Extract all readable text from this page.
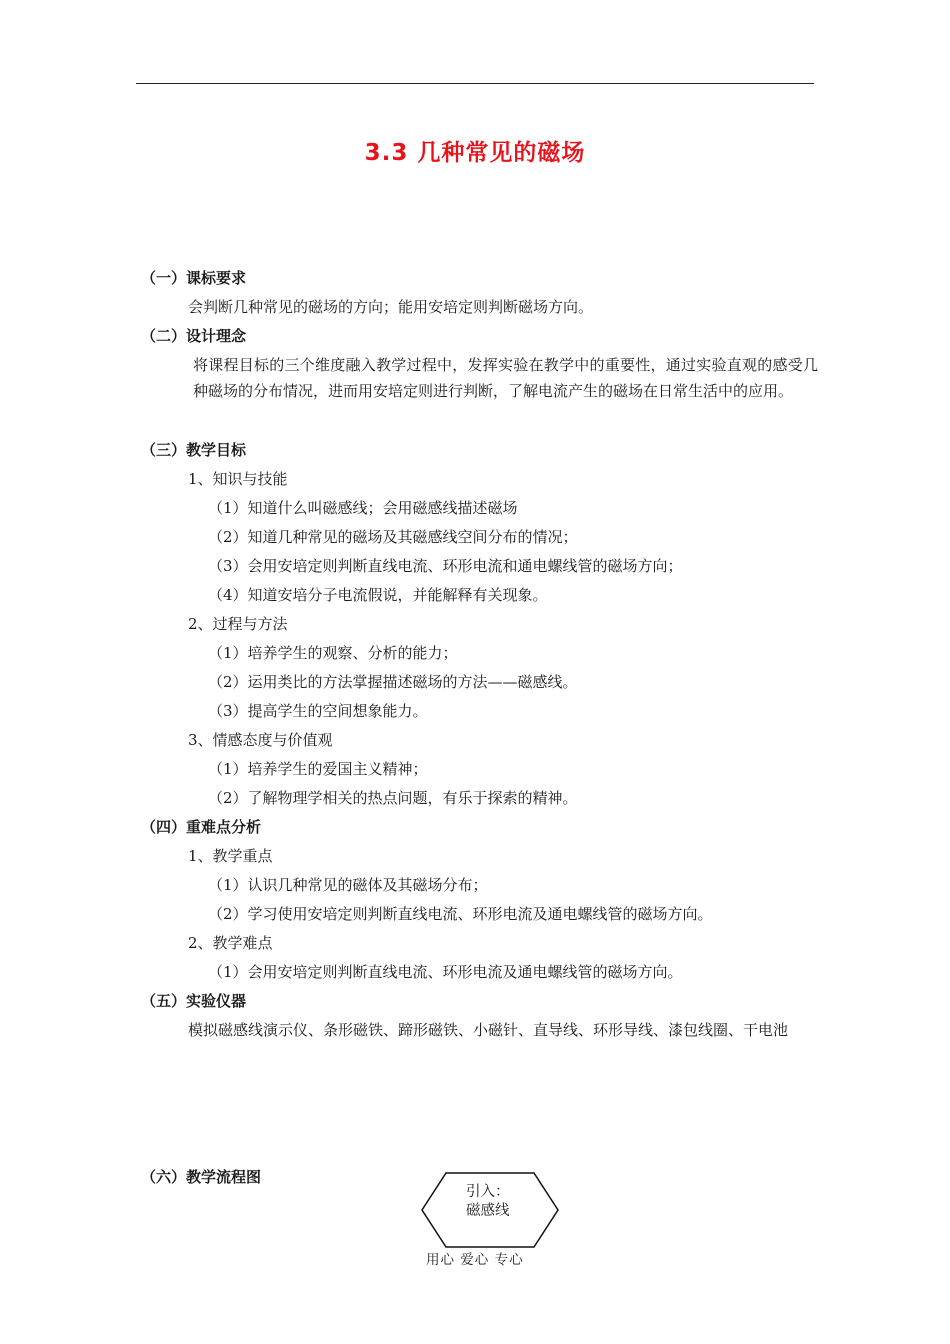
3.3 几种常见的磁场
（一）课标要求
会判断几种常见的磁场的方向；能用安培定则判断磁场方向。
（二）设计理念
将课程目标的三个维度融入教学过程中，发挥实验在教学中的重要性，通过实验直观的感受几种磁场的分布情况，进而用安培定则进行判断，了解电流产生的磁场在日常生活中的应用。
（三）教学目标
1、知识与技能
（1）知道什么叫磁感线；会用磁感线描述磁场
（2）知道几种常见的磁场及其磁感线空间分布的情况；
（3）会用安培定则判断直线电流、环形电流和通电螺线管的磁场方向；
（4）知道安培分子电流假说，并能解释有关现象。
2、过程与方法
（1）培养学生的观察、分析的能力；
（2）运用类比的方法掌握描述磁场的方法——磁感线。
（3）提高学生的空间想象能力。
3、情感态度与价值观
（1）培养学生的爱国主义精神；
（2）了解物理学相关的热点问题，有乐于探索的精神。
（四）重难点分析
1、教学重点
（1）认识几种常见的磁体及其磁场分布；
（2）学习使用安培定则判断直线电流、环形电流及通电螺线管的磁场方向。
2、教学难点
（1）会用安培定则判断直线电流、环形电流及通电螺线管的磁场方向。
（五）实验仪器
模拟磁感线演示仪、条形磁铁、蹄形磁铁、小磁针、直导线、环形导线、漆包线圈、干电池
（六）教学流程图
引入：
磁感线
用心 爱心 专心
